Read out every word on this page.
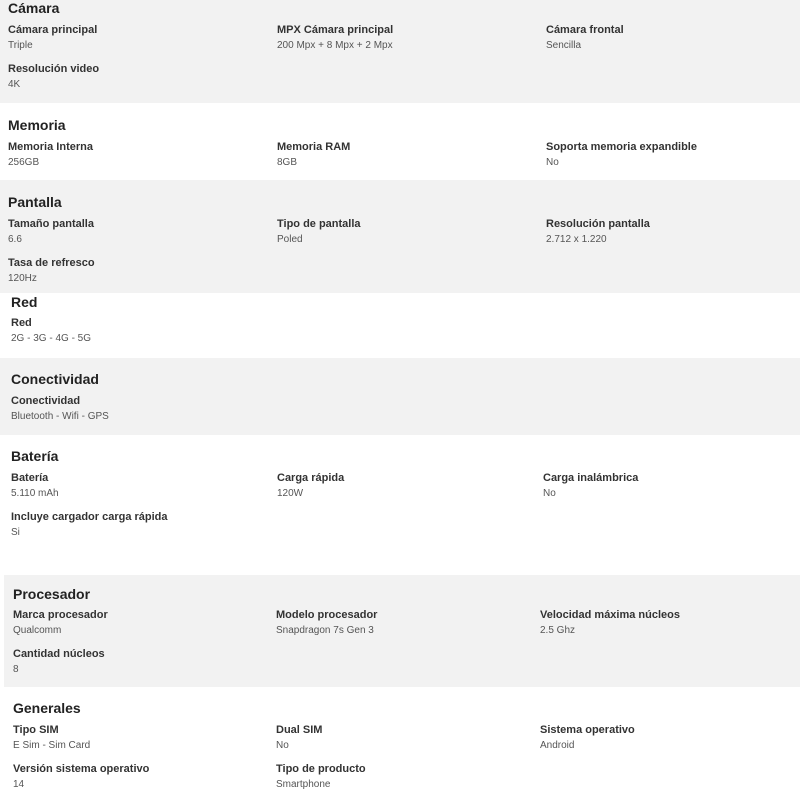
Cámara
Cámara principal
Triple
MPX Cámara principal
200 Mpx + 8 Mpx + 2 Mpx
Cámara frontal
Sencilla
Resolución video
4K
Memoria
Memoria Interna
256GB
Memoria RAM
8GB
Soporta memoria expandible
No
Pantalla
Tamaño pantalla
6.6
Tipo de pantalla
Poled
Resolución pantalla
2.712 x 1.220
Tasa de refresco
120Hz
Red
Red
2G - 3G - 4G - 5G
Conectividad
Conectividad
Bluetooth - Wifi - GPS
Batería
Batería
5.110 mAh
Carga rápida
120W
Carga inalámbrica
No
Incluye cargador carga rápida
Si
Procesador
Marca procesador
Qualcomm
Modelo procesador
Snapdragon 7s Gen 3
Velocidad máxima núcleos
2.5 Ghz
Cantidad núcleos
8
Generales
Tipo SIM
E Sim - Sim Card
Dual SIM
No
Sistema operativo
Android
Versión sistema operativo
14
Tipo de producto
Smartphone
